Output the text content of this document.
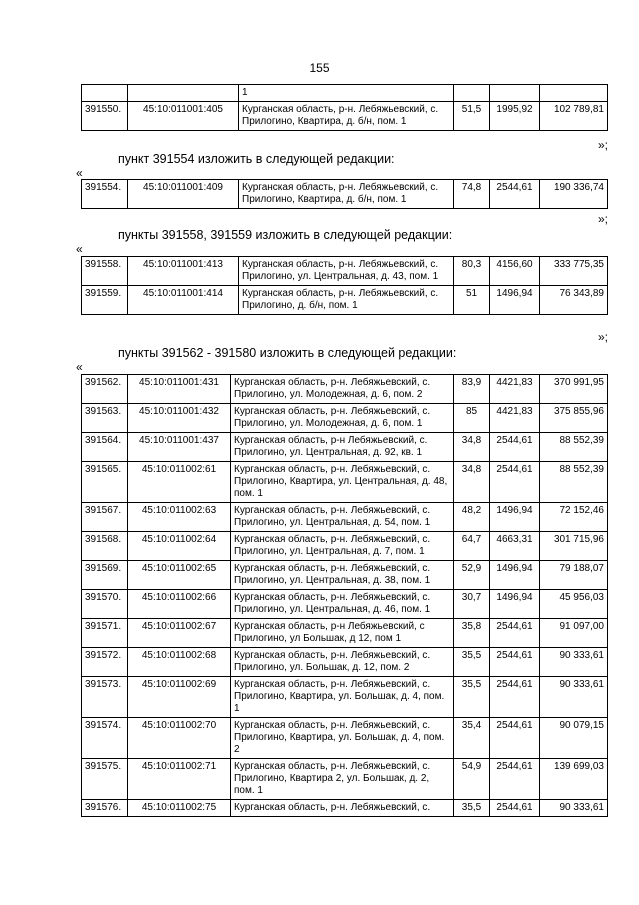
155
		1			
391550.	45:10:011001:405	Курганская область, р-н. Лебяжьевский, с. Прилогино, Квартира, д. б/н, пом. 1	51,5	1995,92	102 789,81
»;
пункт 391554 изложить в следующей редакции:
«
391554.	45:10:011001:409	Курганская область, р-н. Лебяжьевский, с. Прилогино, Квартира, д. б/н, пом. 1	74,8	2544,61	190 336,74
»;
пункты 391558, 391559 изложить в следующей редакции:
«
391558.	45:10:011001:413	Курганская область, р-н. Лебяжьевский, с. Прилогино, ул. Центральная, д. 43, пом. 1	80,3	4156,60	333 775,35
391559.	45:10:011001:414	Курганская область, р-н. Лебяжьевский, с. Прилогино, д. б/н, пом. 1	51	1496,94	76 343,89
»;
пункты 391562 - 391580 изложить в следующей редакции:
«
391562.	45:10:011001:431	Курганская область, р-н. Лебяжьевский, с. Прилогино, ул. Молодежная, д. 6, пом. 2	83,9	4421,83	370 991,95
391563.	45:10:011001:432	Курганская область, р-н. Лебяжьевский, с. Прилогино, ул. Молодежная, д. 6, пом. 1	85	4421,83	375 855,96
391564.	45:10:011001:437	Курганская область, р-н Лебяжьевский, с. Прилогино, ул. Центральная, д. 92, кв. 1	34,8	2544,61	88 552,39
391565.	45:10:011002:61	Курганская область, р-н. Лебяжьевский, с. Прилогино, Квартира, ул. Центральная, д. 48, пом. 1	34,8	2544,61	88 552,39
391567.	45:10:011002:63	Курганская область, р-н. Лебяжьевский, с. Прилогино, ул. Центральная, д. 54, пом. 1	48,2	1496,94	72 152,46
391568.	45:10:011002:64	Курганская область, р-н. Лебяжьевский, с. Прилогино, ул. Центральная, д. 7, пом. 1	64,7	4663,31	301 715,96
391569.	45:10:011002:65	Курганская область, р-н. Лебяжьевский, с. Прилогино, ул. Центральная, д. 38, пом. 1	52,9	1496,94	79 188,07
391570.	45:10:011002:66	Курганская область, р-н. Лебяжьевский, с. Прилогино, ул. Центральная, д. 46, пом. 1	30,7	1496,94	45 956,03
391571.	45:10:011002:67	Курганская область, р-н Лебяжьевский, с Прилогино, ул Большак, д 12, пом 1	35,8	2544,61	91 097,00
391572.	45:10:011002:68	Курганская область, р-н. Лебяжьевский, с. Прилогино, ул. Большак, д. 12, пом. 2	35,5	2544,61	90 333,61
391573.	45:10:011002:69	Курганская область, р-н. Лебяжьевский, с. Прилогино, Квартира, ул. Большак, д. 4, пом. 1	35,5	2544,61	90 333,61
391574.	45:10:011002:70	Курганская область, р-н. Лебяжьевский, с. Прилогино, Квартира, ул. Большак, д. 4, пом. 2	35,4	2544,61	90 079,15
391575.	45:10:011002:71	Курганская область, р-н. Лебяжьевский, с. Прилогино, Квартира 2, ул. Большак, д. 2, пом. 1	54,9	2544,61	139 699,03
391576.	45:10:011002:75	Курганская область, р-н. Лебяжьевский, с.	35,5	2544,61	90 333,61
